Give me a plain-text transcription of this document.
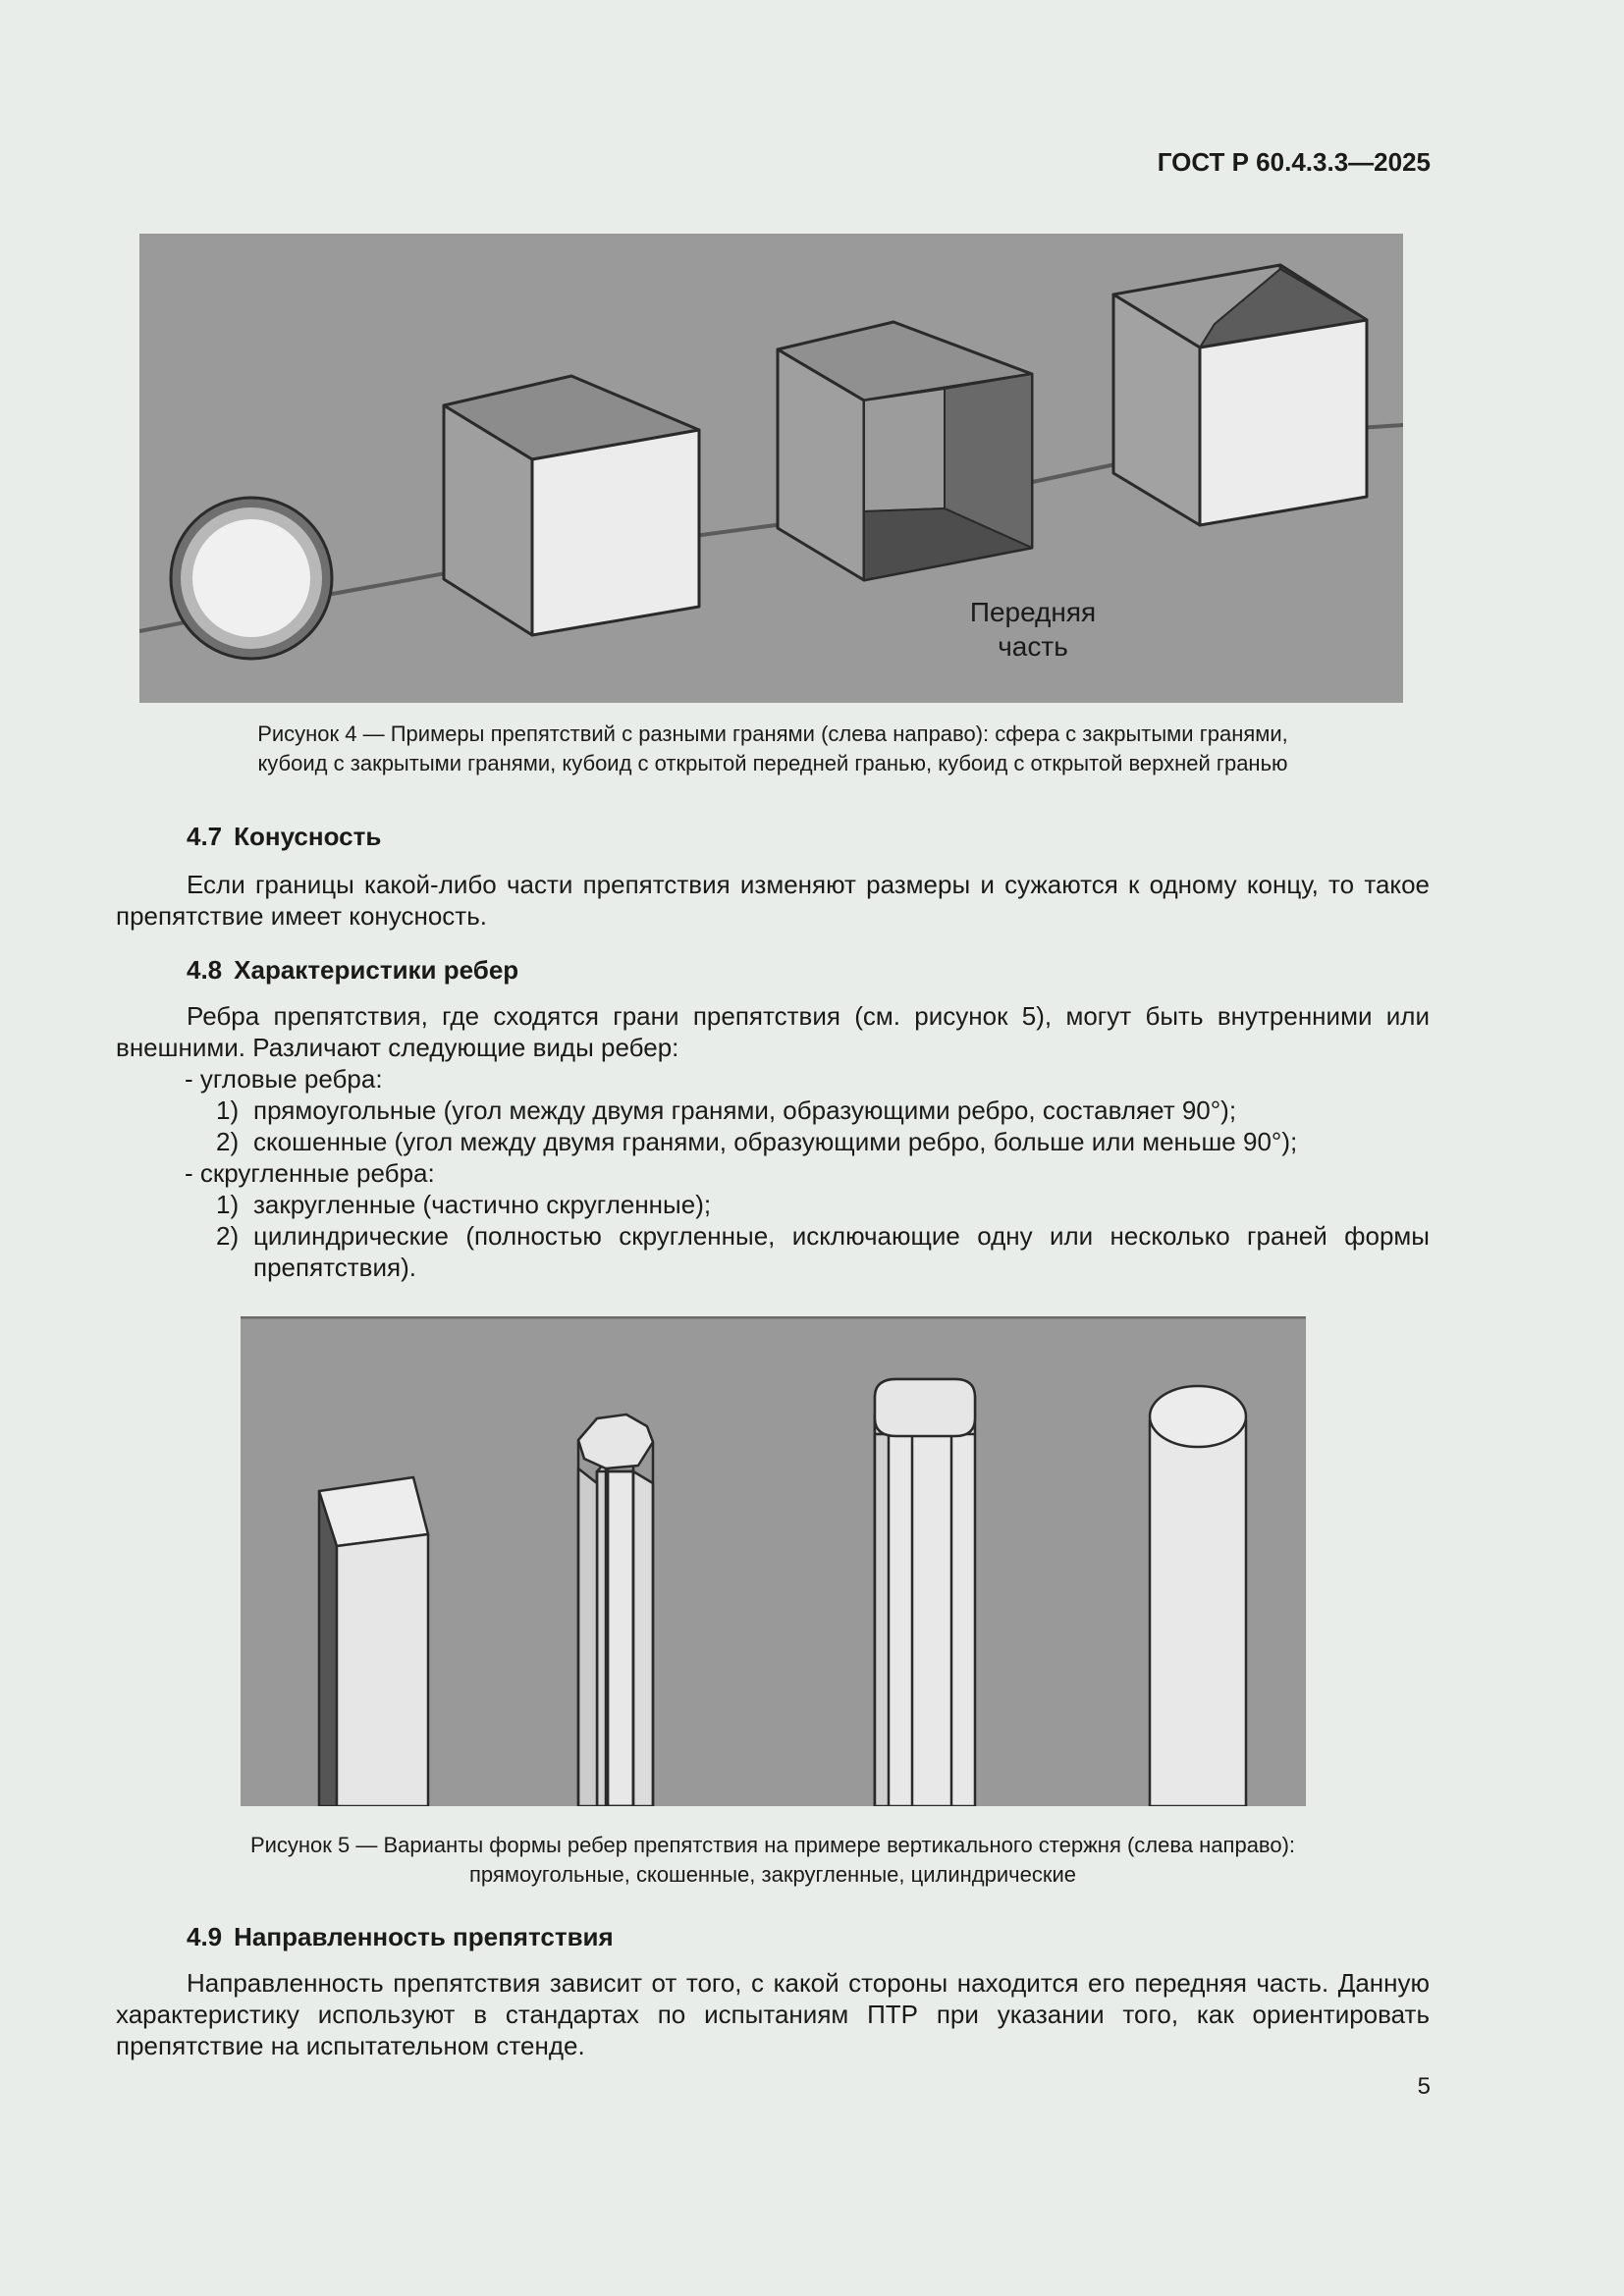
ГОСТ Р 60.4.3.3—2025
Передняя
часть
Рисунок 4 — Примеры препятствий с разными гранями (слева направо): сфера с закрытыми гранями,
кубоид с закрытыми гранями, кубоид с открытой передней гранью, кубоид с открытой верхней гранью
4.7 Конусность

Если границы какой-либо части препятствия изменяют размеры и сужаются к одному концу, то такое препятствие имеет конусность.

4.8 Характеристики ребер

Ребра препятствия, где сходятся грани препятствия (см. рисунок 5), могут быть внутренними или внешними. Различают следующие виды ребер:

- угловые ребра:
1) прямоугольные (угол между двумя гранями, образующими ребро, составляет 90°);
2) скошенные (угол между двумя гранями, образующими ребро, больше или меньше 90°);
- скругленные ребра:
1) закругленные (частично скругленные);
2) цилиндрические (полностью скругленные, исключающие одну или несколько граней формы препятствия).
Рисунок 5 — Варианты формы ребер препятствия на примере вертикального стержня (слева направо):
прямоугольные, скошенные, закругленные, цилиндрические
4.9 Направленность препятствия

Направленность препятствия зависит от того, с какой стороны находится его передняя часть. Данную характеристику используют в стандартах по испытаниям ПТР при указании того, как ориентировать препятствие на испытательном стенде.

5
